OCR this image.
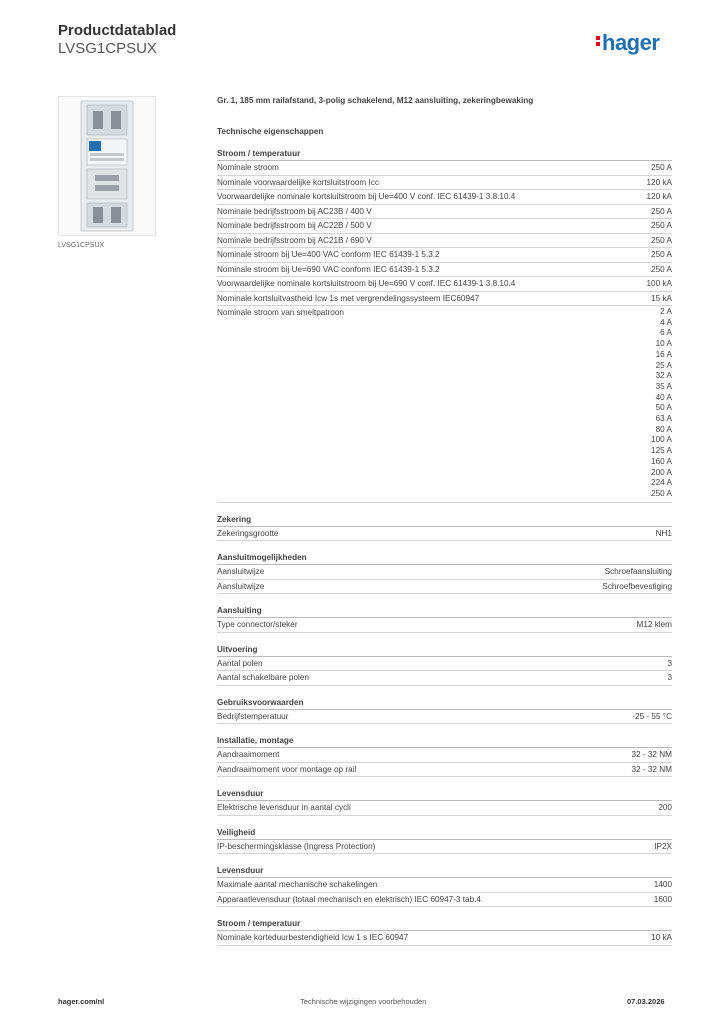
Productdatablad
LVSG1CPSUX	hager
LVSG1CPSUX
Gr. 1, 185 mm railafstand, 3-polig schakelend, M12 aansluiting, zekeringbewaking
Technische eigenschappen
Stroom / temperatuur
Nominale stroom	250 A
Nominale voorwaardelijke kortsluitstroom Icc	120 kA
Voorwaardelijke nominale kortsluitstroom bij Ue=400 V conf. IEC 61439-1 3.8.10.4	120 kA
Nominale bedrijfsstroom bij AC23B / 400 V	250 A
Nominale bedrijfsstroom bij AC22B / 500 V	250 A
Nominale bedrijfsstroom bij AC21B / 690 V	250 A
Nominale stroom bij Ue=400 VAC conform IEC 61439-1 5.3.2	250 A
Nominale stroom bij Ue=690 VAC conform IEC 61439-1 5.3.2	250 A
Voorwaardelijke nominale kortsluitstroom bij Ue=690 V conf. IEC 61439-1 3.8.10.4	100 kA
Nominale kortsluitvastheid Icw 1s met vergrendelingssysteem IEC60947	15 kA
Nominale stroom van smeltpatroon	2 A
4 A
6 A
10 A
16 A
25 A
32 A
35 A
40 A
50 A
63 A
80 A
100 A
125 A
160 A
200 A
224 A
250 A
Zekering
Zekeringsgrootte	NH1
Aansluitmogelijkheden
Aansluitwijze	Schroefaansluiting
Aansluitwijze	Schroefbevestiging
Aansluiting
Type connector/steker	M12 klem
Uitvoering
Aantal polen	3
Aantal schakelbare polen	3
Gebruiksvoorwaarden
Bedrijfstemperatuur	-25 - 55 °C
Installatie, montage
Aandraaimoment	32 - 32 NM
Aandraaimoment voor montage op rail	32 - 32 NM
Levensduur
Elektrische levensduur in aantal cycli	200
Veiligheid
IP-beschermingsklasse (Ingress Protection)	IP2X
Levensduur
Maximale aantal mechanische schakelingen	1400
Apparaatlevensduur (totaal mechanisch en elektrisch) IEC 60947-3 tab.4	1600
Stroom / temperatuur
Nominale korteduurbestendigheid Icw 1 s IEC 60947	10 kA
hager.com/nl	Technische wijzigingen voorbehouden	07.03.2026
